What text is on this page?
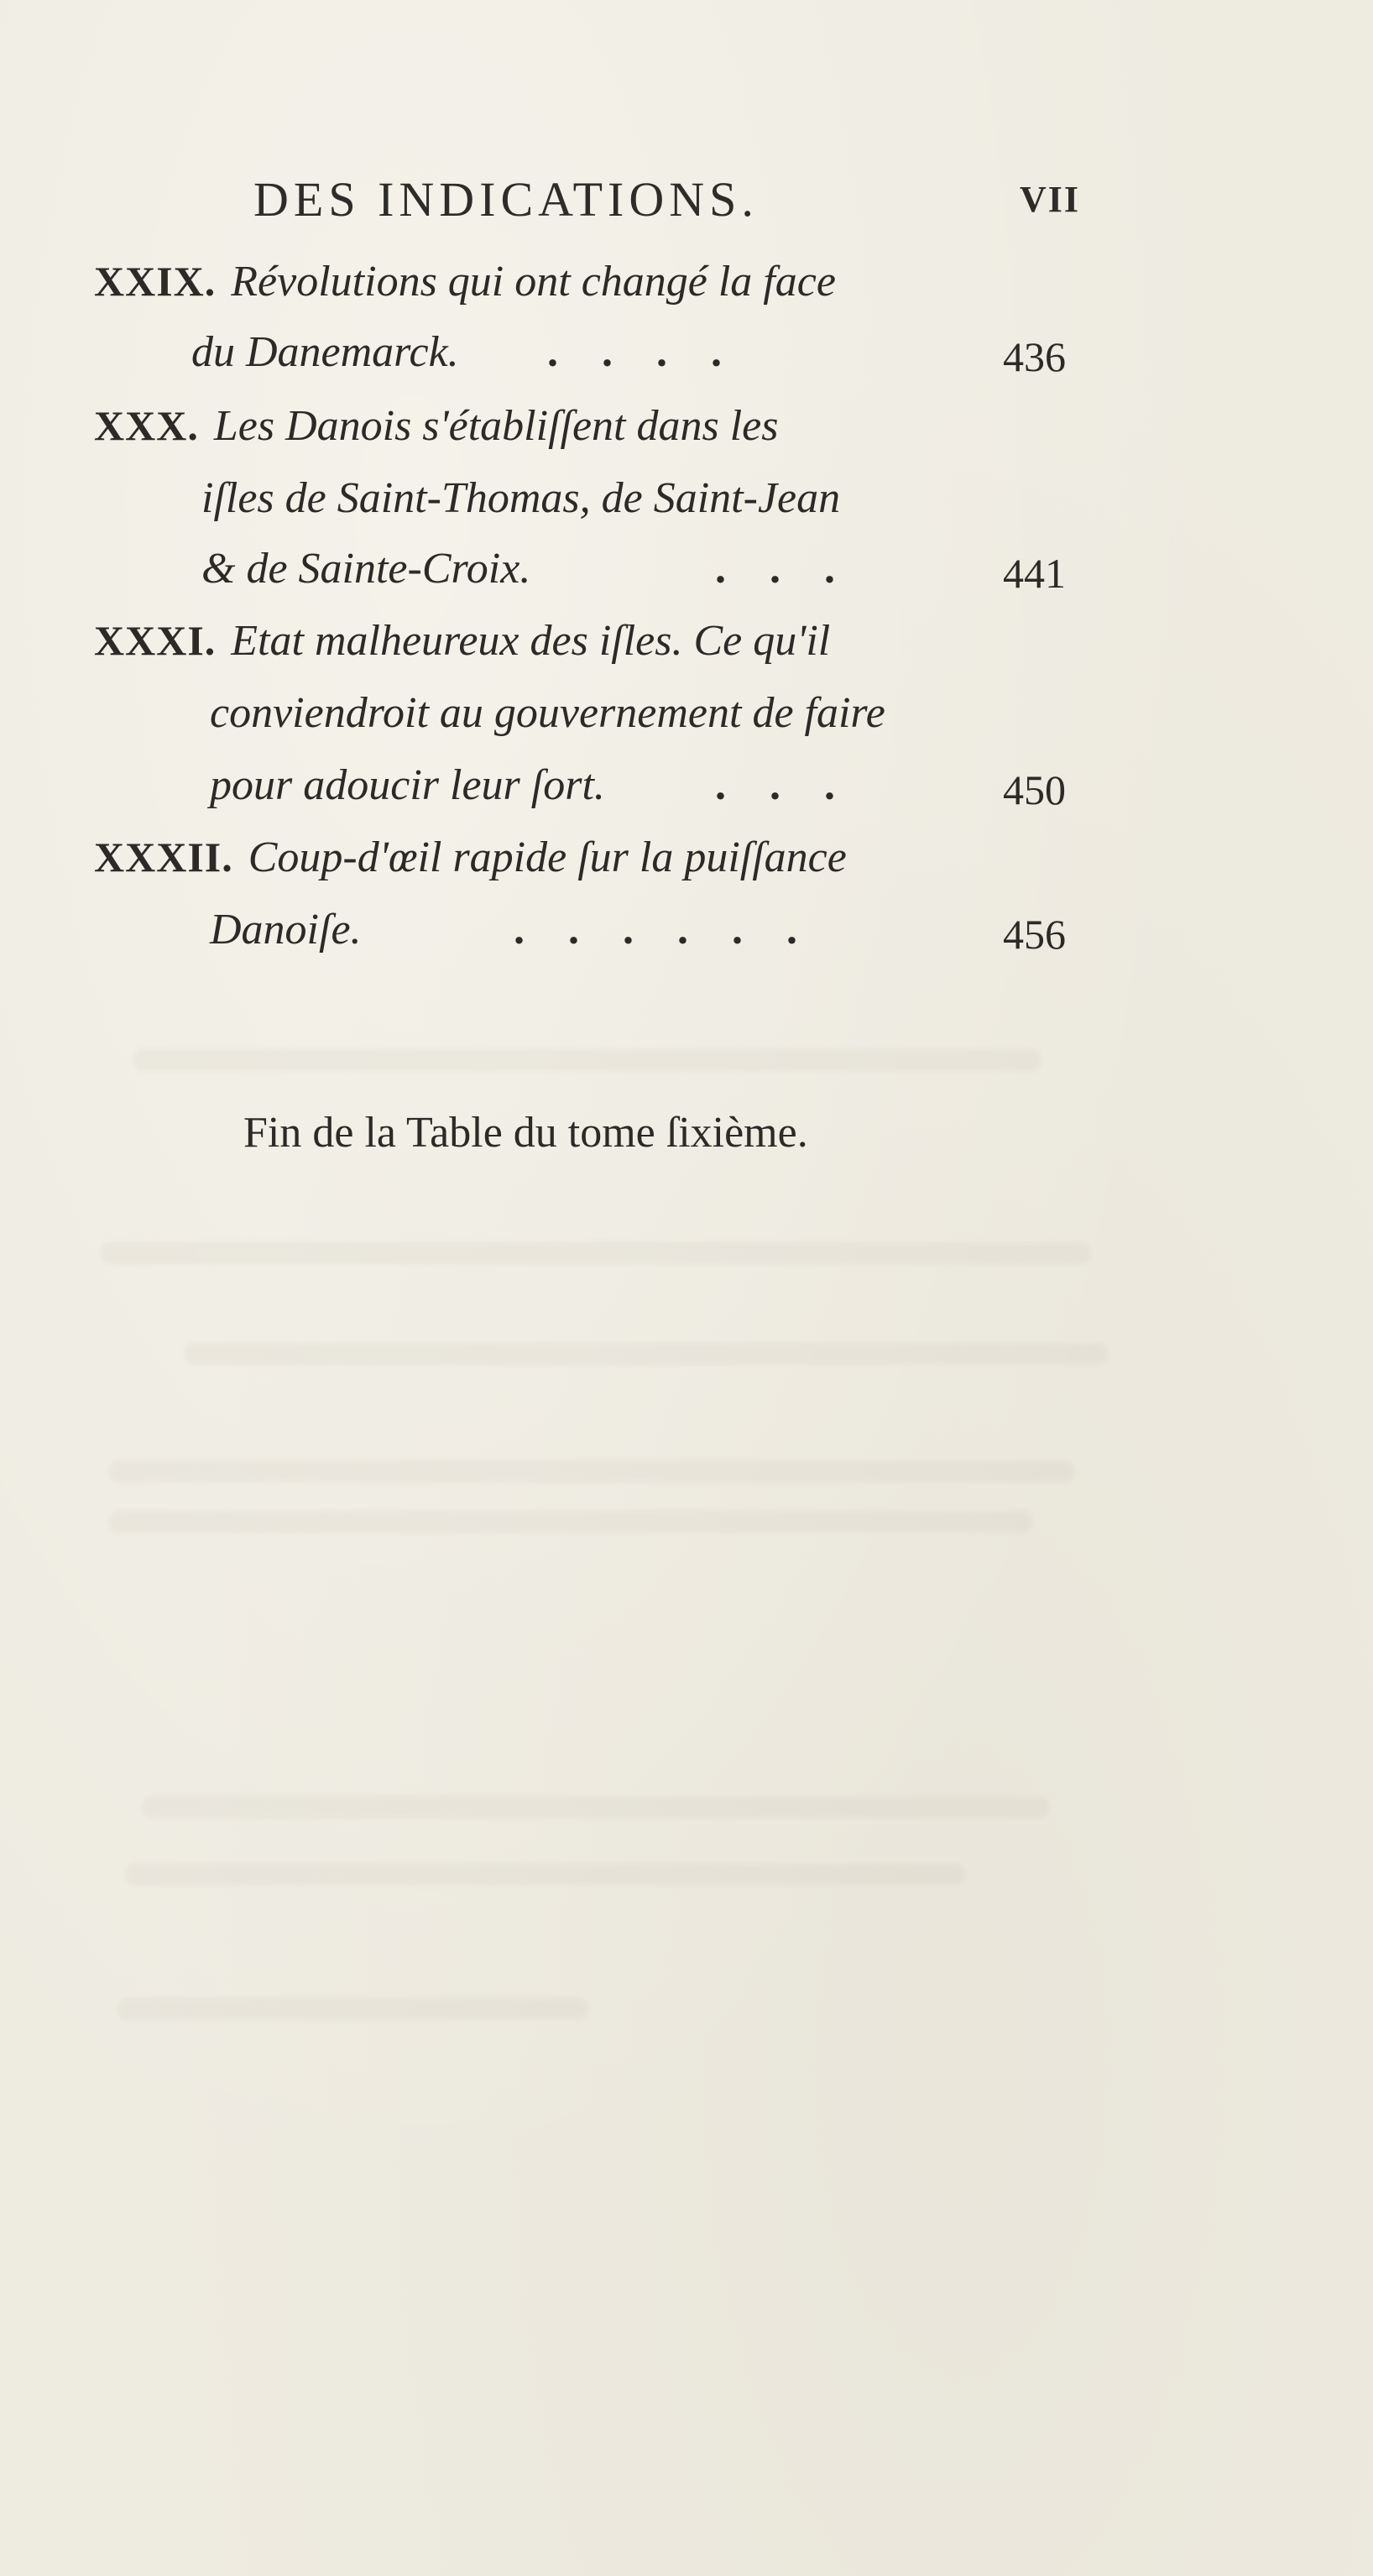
DES INDICATIONS.	VII
XXIX. Révolutions qui ont changé la face
du Danemarck. ....	436
XXX. Les Danois s'établiſſent dans les
iſles de Saint-Thomas, de Saint-Jean
& de Sainte-Croix.	...	441
XXXI. Etat malheureux des iſles. Ce qu'il
conviendroit au gouvernement de faire
pour adoucir leur ſort.	...	450
XXXII. Coup-d'œil rapide ſur la puiſſance
Danoiſe.	......	456
Fin de la Table du tome ſixième.
